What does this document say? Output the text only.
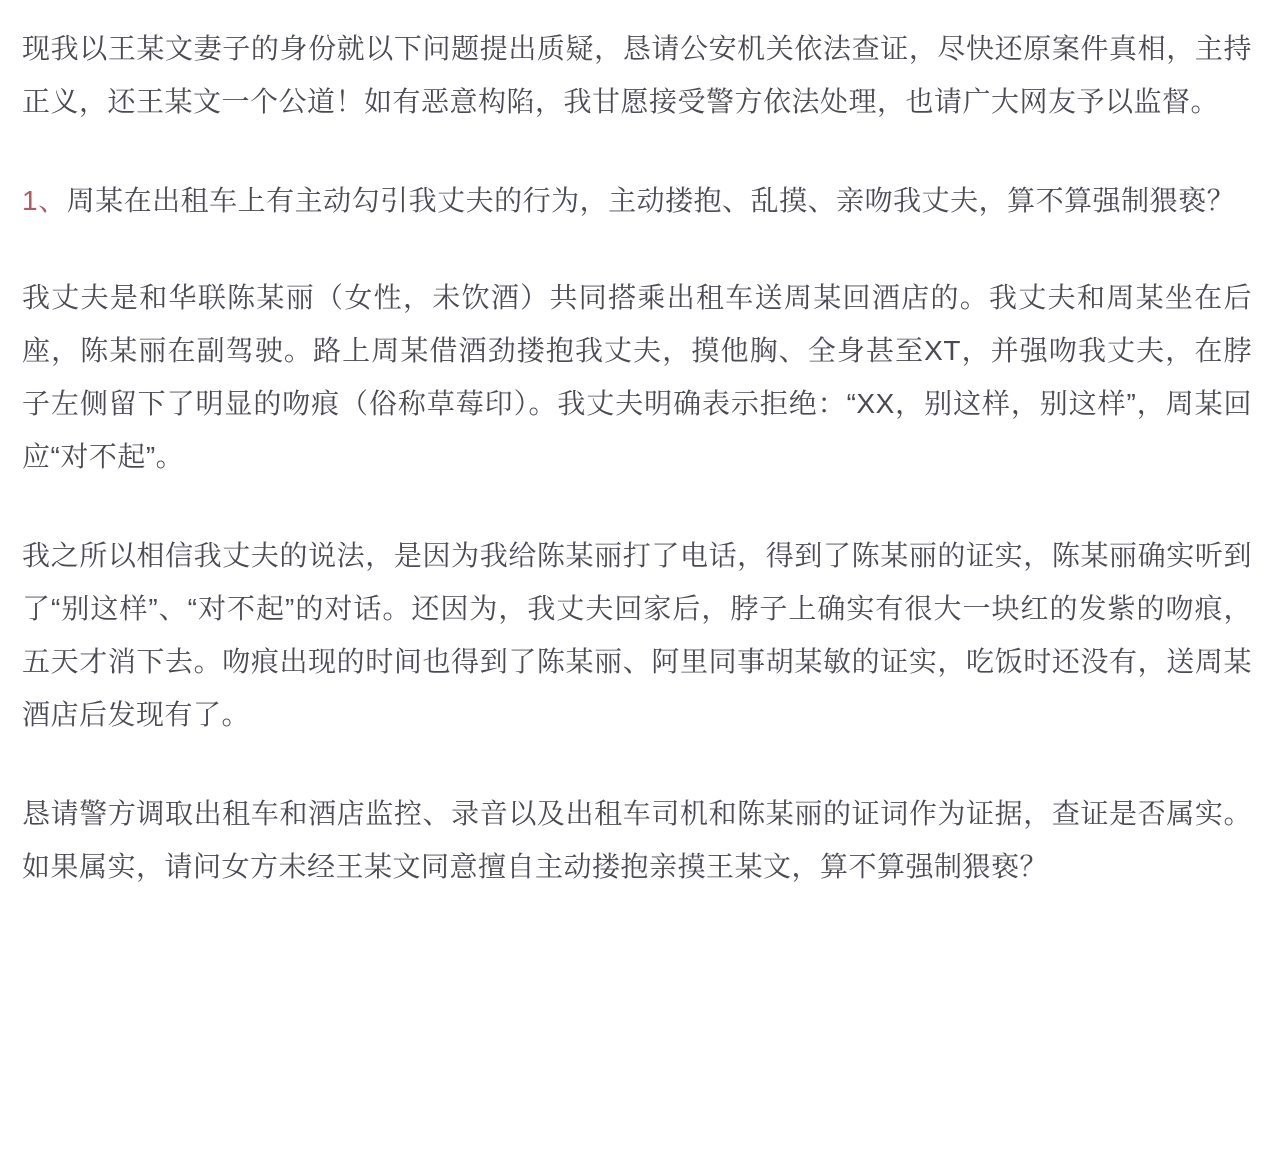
现我以王某文妻子的身份就以下问题提出质疑，恳请公安机关依法查证，尽快还原案件真相，主持正义，还王某文一个公道！如有恶意构陷，我甘愿接受警方依法处理，也请广大网友予以监督。

1、周某在出租车上有主动勾引我丈夫的行为，主动搂抱、乱摸、亲吻我丈夫，算不算强制猥亵？

我丈夫是和华联陈某丽（女性，未饮酒）共同搭乘出租车送周某回酒店的。我丈夫和周某坐在后座，陈某丽在副驾驶。路上周某借酒劲搂抱我丈夫，摸他胸、全身甚至XT，并强吻我丈夫，在脖子左侧留下了明显的吻痕（俗称草莓印）。我丈夫明确表示拒绝：“XX，别这样，别这样”，周某回应“对不起”。

我之所以相信我丈夫的说法，是因为我给陈某丽打了电话，得到了陈某丽的证实，陈某丽确实听到了“别这样”、“对不起”的对话。还因为，我丈夫回家后，脖子上确实有很大一块红的发紫的吻痕，五天才消下去。吻痕出现的时间也得到了陈某丽、阿里同事胡某敏的证实，吃饭时还没有，送周某酒店后发现有了。

恳请警方调取出租车和酒店监控、录音以及出租车司机和陈某丽的证词作为证据，查证是否属实。如果属实，请问女方未经王某文同意擅自主动搂抱亲摸王某文，算不算强制猥亵？
